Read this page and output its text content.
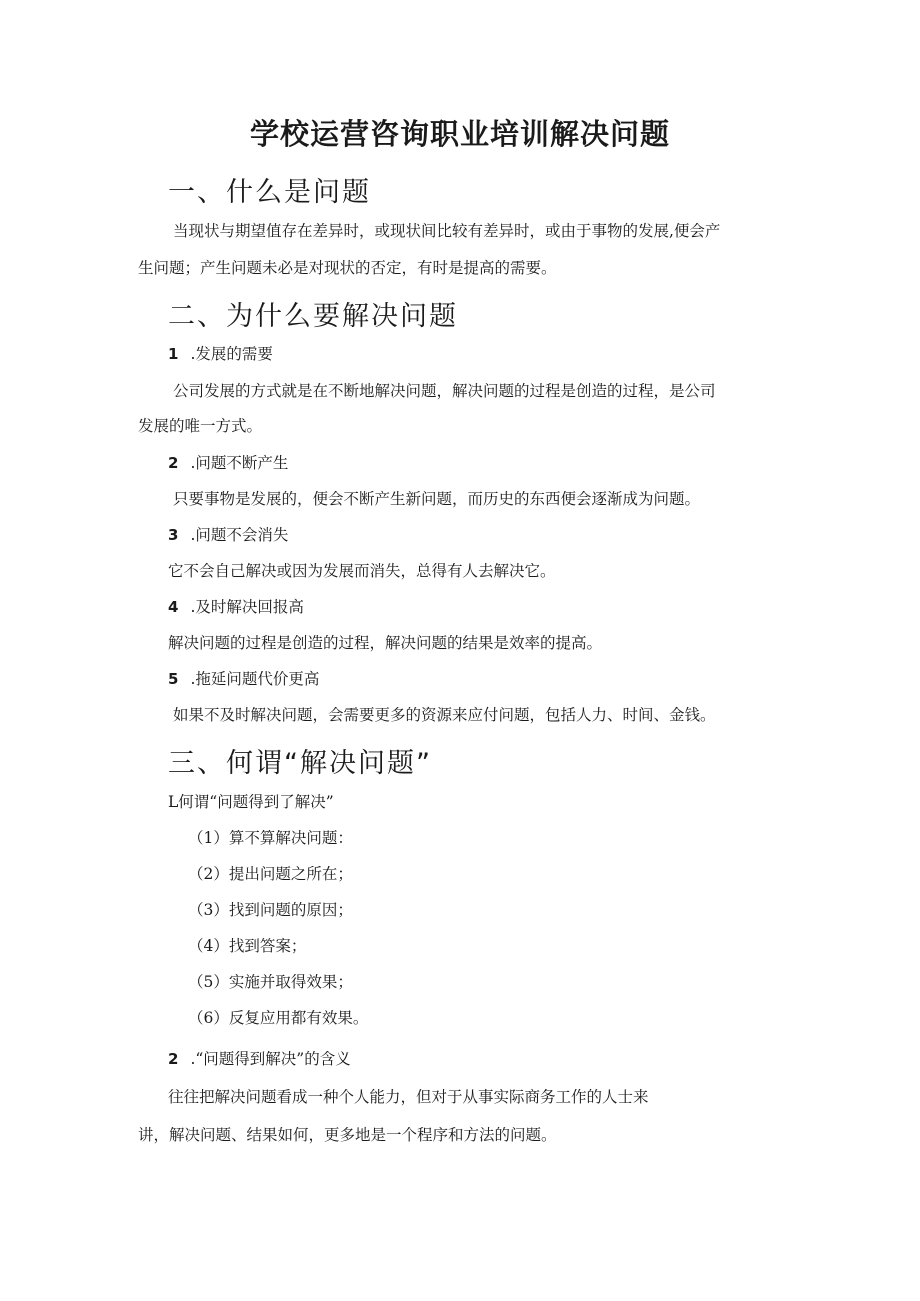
学校运营咨询职业培训解决问题
一、什么是问题

当现状与期望值存在差异时，或现状间比较有差异时，或由于事物的发展,便会产

生问题；产生问题未必是对现状的否定，有时是提高的需要。

二、为什么要解决问题

1 .发展的需要

公司发展的方式就是在不断地解决问题，解决问题的过程是创造的过程，是公司

发展的唯一方式。

2 .问题不断产生

只要事物是发展的，便会不断产生新问题，而历史的东西便会逐渐成为问题。

3 .问题不会消失

它不会自己解决或因为发展而消失，总得有人去解决它。

4 .及时解决回报高

解决问题的过程是创造的过程，解决问题的结果是效率的提高。

5 .拖延问题代价更高

如果不及时解决问题，会需要更多的资源来应付问题，包括人力、时间、金钱。

三、何谓“解决问题”

L何谓“问题得到了解决”

（1）算不算解决问题：

（2）提出问题之所在；

（3）找到问题的原因；

（4）找到答案；

（5）实施并取得效果；

（6）反复应用都有效果。

2 .“问题得到解决”的含义

往往把解决问题看成一种个人能力，但对于从事实际商务工作的人士来

讲，解决问题、结果如何，更多地是一个程序和方法的问题。
